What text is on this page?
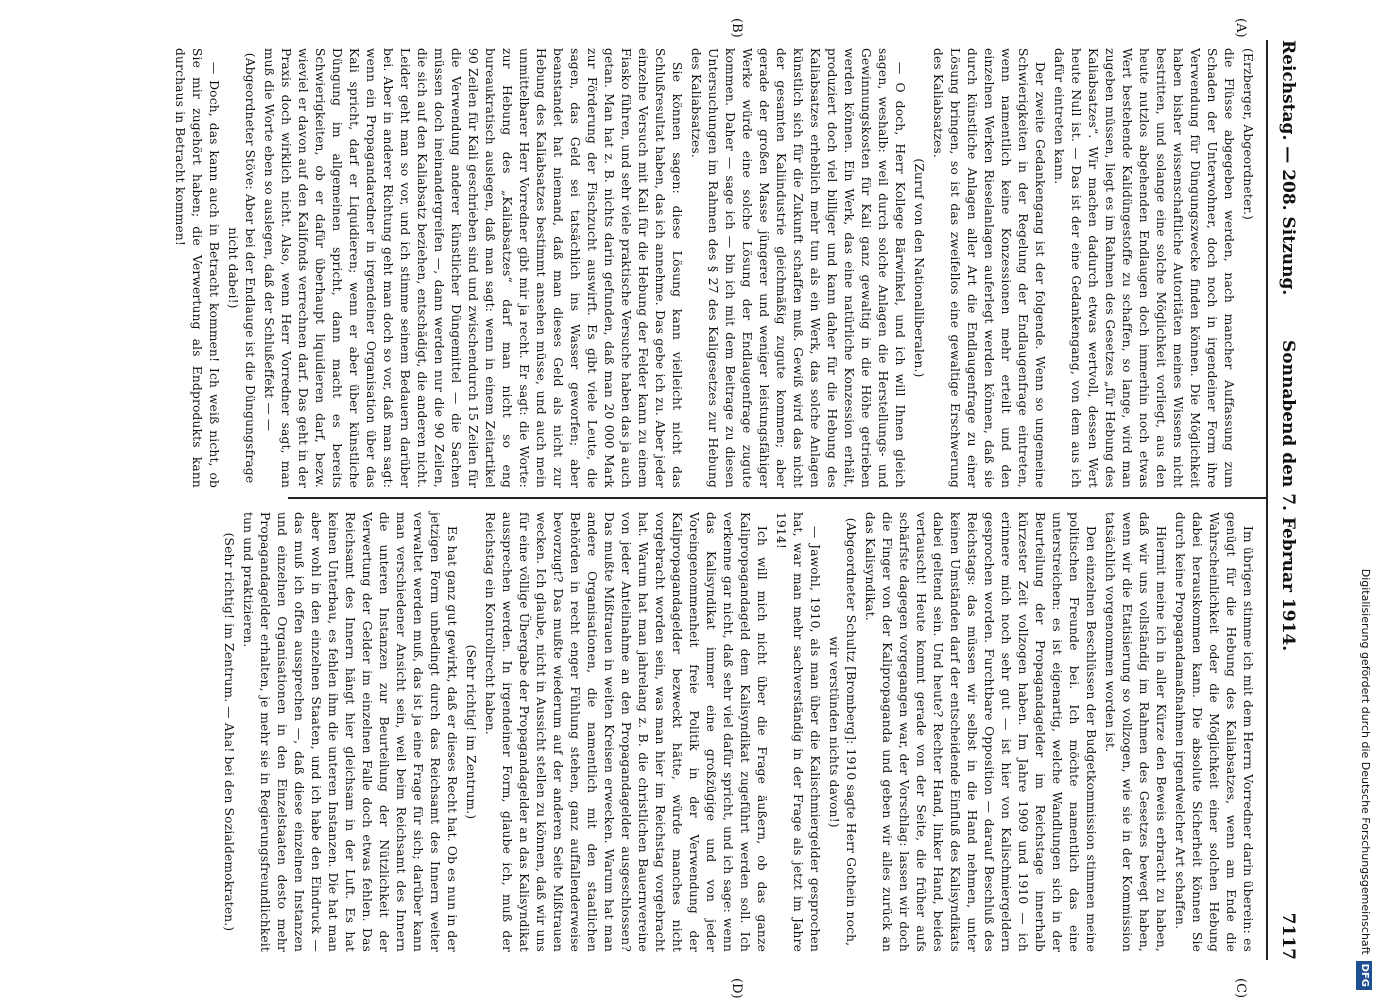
Reichstag. — 208. Sitzung.
Sonnabend den 7. Februar 1914.
7117
(A)
(B)
(C)
(D)

(Erzberger, Abgeordneter.)

die Flüsse abgegeben werden, nach mancher Auffassung zum Schaden der Unterwohner, doch noch in irgendeiner Form ihre Verwendung für Düngungszwecke finden können. Die Möglichkeit haben bisher wissenschaftliche Autoritäten meines Wissens nicht bestritten, und solange eine solche Möglichkeit vorliegt, aus den heute nutzlos abgehenden Endlaugen doch immerhin noch etwas Wert bestehende Kalidüngestoffe zu schaffen, so lange, wird man zugeben müssen, liegt es im Rahmen des Gesetzes „für Hebung des Kaliabsatzes“. Wir machen dadurch etwas wertvoll, dessen Wert heute Null ist. — Das ist der eine Gedankengang, von dem aus ich dafür eintreten kann.

Der zweite Gedankengang ist der folgende. Wenn so ungemeine Schwierigkeiten in der Regelung der Endlaugenfrage eintreten, wenn namentlich keine Konzessionen mehr erteilt und den einzelnen Werken Rieselanlagen auferlegt werden können, daß sie durch künstliche Anlagen aller Art die Endlaugenfrage zu einer Lösung bringen, so ist das zweifellos eine gewaltige Erschwerung des Kaliabsatzes.

(Zuruf von den Nationalliberalen.)

— O doch, Herr Kollege Bärwinkel, und ich will Ihnen gleich sagen, weshalb: weil durch solche Anlagen die Herstellungs- und Gewinnungskosten für Kali ganz gewaltig in die Höhe getrieben werden können. Ein Werk, das eine natürliche Konzession erhält, produziert doch viel billiger und kann daher für die Hebung des Kaliabsatzes erheblich mehr tun als ein Werk, das solche Anlagen künstlich sich für die Zukunft schaffen muß. Gewiß wird das nicht der gesamten Kaliindustrie gleichmäßig zugute kommen; aber gerade der großen Masse jüngerer und weniger leistungsfähiger Werke würde eine solche Lösung der Endlaugenfrage zugute kommen. Daher — sage ich — bin ich mit dem Beitrage zu diesen Untersuchungen im Rahmen des § 27 des Kaligesetzes zur Hebung des Kaliabsatzes.

Sie können sagen: diese Lösung kann vielleicht nicht das Schlußresultat haben, das ich annehme. Das gebe ich zu. Aber jeder einzelne Versuch mit Kali für die Hebung der Felder kann zu einem Fiasko führen, und sehr viele praktische Versuche haben das ja auch getan. Man hat z. B. nichts darin gefunden, daß man 20 000 Mark zur Förderung der Fischzucht auswirft. Es gibt viele Leute, die sagen, das Geld sei tatsächlich ins Wasser geworfen; aber beanstandet hat niemand, daß man dieses Geld als nicht zur Hebung des Kaliabsatzes bestimmt ansehen müsse, und auch mein unmittelbarer Herr Vorredner gibt mir ja recht. Er sagt: die Worte: zur Hebung des „Kaliabsatzes“ darf man nicht so eng bureaukratisch auslegen, daß man sagt: wenn in einem Zeitartikel 90 Zeilen für Kali geschrieben sind und zwischendurch 15 Zeilen für die Verwendung anderer künstlicher Düngemittel — die Sachen müssen doch ineinandergreifen —, dann werden nur die 90 Zeilen, die sich auf den Kaliabsatz beziehen, entschädigt, die anderen nicht. Leider geht man so vor, und ich stimme seinem Bedauern darüber bei. Aber in anderer Richtung geht man doch so vor, daß man sagt: wenn ein Propagandaredner in irgendeiner Organisation über das Kali spricht, darf er Liquidieren; wenn er aber über künstliche Düngung im allgemeinen spricht, dann macht es bereits Schwierigkeiten, ob er dafür überhaupt liquidieren darf, bezw. wieviel er davon auf den Kalifonds verrechnen darf. Das geht in der Praxis doch wirklich nicht. Also, wenn Herr Vorredner sagt, man muß die Worte eben so auslegen, daß der Schlußeffekt — —

(Abgeordneter Stöve: Aber bei der Endlauge ist die Düngungsfrage nicht dabei!)

— Doch, das kann auch in Betracht kommen! Ich weiß nicht, ob Sie mir zugehört haben; die Verwertung als Endprodukts kann durchaus in Betracht kommen!

Im übrigen stimme ich mit dem Herrn Vorredner darin überein: es genügt für die Hebung des Kaliabsatzes, wenn am Ende die Wahrscheinlichkeit oder die Möglichkeit einer solchen Hebung dabei herauskommen kann. Die absolute Sicherheit können Sie durch keine Propagandamaßnahmen irgendwelcher Art schaffen.

Hiermit meine ich in aller Kürze den Beweis erbracht zu haben, daß wir uns vollständig im Rahmen des Gesetzes bewegt haben, wenn wir die Etatisierung so vollzogen, wie sie in der Kommission tatsächlich vorgenommen worden ist.

Den einzelnen Beschlüssen der Budgetkommission stimmen meine politischen Freunde bei. Ich möchte namentlich das eine unterstreichen: es ist eigenartig, welche Wandlungen sich in der Beurteilung der Propagandagelder im Reichstage innerhalb kürzester Zeit vollzogen haben. Im Jahre 1909 und 1910 — ich erinnere mich noch sehr gut — ist hier von Kalischmiergeldern gesprochen worden. Furchtbare Opposition — darauf Beschluß des Reichstags: das müssen wir selbst in die Hand nehmen, unter keinen Umständen darf der entscheidende Einfluß des Kalisyndikats dabei geltend sein. Und heute? Rechter Hand, linker Hand, beides vertauscht! Heute kommt gerade von der Seite, die früher aufs schärfste dagegen vorgegangen war, der Vorschlag: lassen wir doch die Finger von der Kalipropaganda und geben wir alles zurück an das Kalisyndikat.

(Abgeordneter Schultz [Bromberg]: 1910 sagte Herr Gothein noch, wir verstünden nichts davon!)

— Jawohl, 1910, als man über die Kalischmiergelder gesprochen hat, war man mehr sachverständig in der Frage als jetzt im Jahre 1914!

Ich will mich nicht über die Frage äußern, ob das ganze Kalipropagandageld dem Kalisyndikat zugeführt werden soll. Ich verkenne gar nicht, daß sehr viel dafür spricht, und ich sage: wenn das Kalisyndikat immer eine großzügige und von jeder Voreingenommenheit freie Politik in der Verwendung der Kalipropagandagelder bezweckt hätte, würde manches nicht vorgebracht worden sein, was man hier im Reichstag vorgebracht hat. Warum hat man jahrelang z. B. die christlichen Bauernvereine von jeder Anteilnahme an den Propagandagelder ausgeschlossen? Das mußte Mißtrauen in weiten Kreisen erwecken. Warum hat man andere Organisationen, die namentlich mit den staatlichen Behörden in recht enger Fühlung stehen, ganz auffallenderweise bevorzugt? Das mußte wiederum auf der anderen Seite Mißtrauen wecken. Ich glaube, nicht in Aussicht stellen zu können, daß wir uns für eine völlige Übergabe der Propagandagelder an das Kalisyndikat aussprechen werden. In irgendeiner Form, glaube ich, muß der Reichstag ein Kontrollrecht haben.

(Sehr richtig! im Zentrum.)

Es hat ganz gut gewirkt, daß er dieses Recht hat. Ob es nun in der jetzigen Form unbedingt durch das Reichsamt des Innern weiter verwaltet werden muß, das ist ja eine Frage für sich; darüber kann man verschiedener Ansicht sein, weil beim Reichsamt des Innern die unteren Instanzen zur Beurteilung der Nützlichkeit der Verwertung der Gelder im einzelnen Falle doch etwas fehlen. Das Reichsamt des Innern hängt hier gleichsam in der Luft. Es hat keinen Unterbau, es fehlen ihm die unteren Instanzen. Die hat man aber wohl in den einzelnen Staaten, und ich habe den Eindruck — das muß ich offen aussprechen —, daß diese einzelnen Instanzen und einzelnen Organisationen in den Einzelstaaten desto mehr Propagandagelder erhalten, je mehr sie in Regierungsfreundlichkeit tun und praktizieren.

(Sehr richtig! im Zentrum. — Aha! bei den Sozialdemokraten.)	Digitalisierung gefördert durch die Deutsche ForschungsgemeinschaftDFG
